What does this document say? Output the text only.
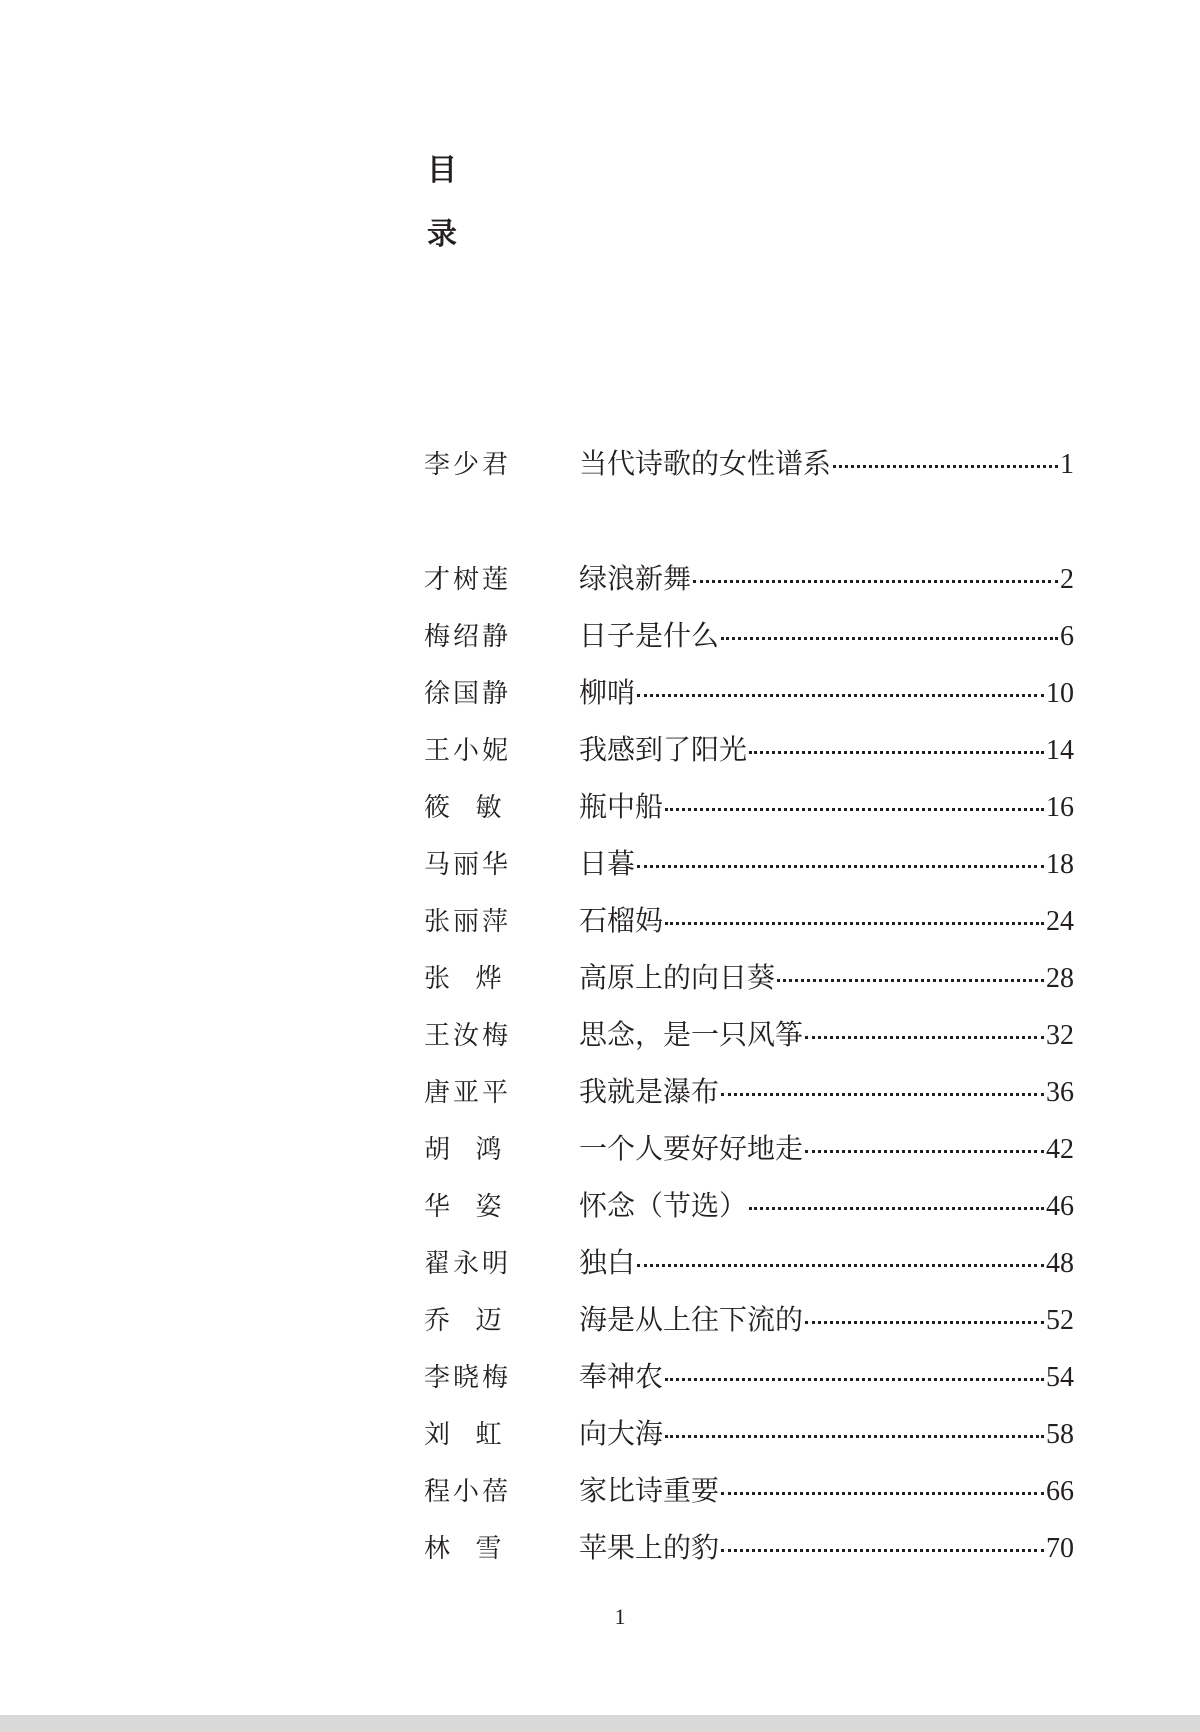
目
录
李少君	当代诗歌的女性谱系	1
才树莲	绿浪新舞	2
梅绍静	日子是什么	6
徐国静	柳哨	10
王小妮	我感到了阳光	14
筱  敏	瓶中船	16
马丽华	日暮	18
张丽萍	石榴妈	24
张  烨	高原上的向日葵	28
王汝梅	思念，是一只风筝	32
唐亚平	我就是瀑布	36
胡  鸿	一个人要好好地走	42
华  姿	怀念（节选）	46
翟永明	独白	48
乔  迈	海是从上往下流的	52
李晓梅	奉神农	54
刘  虹	向大海	58
程小蓓	家比诗重要	66
林  雪	苹果上的豹	70
1
